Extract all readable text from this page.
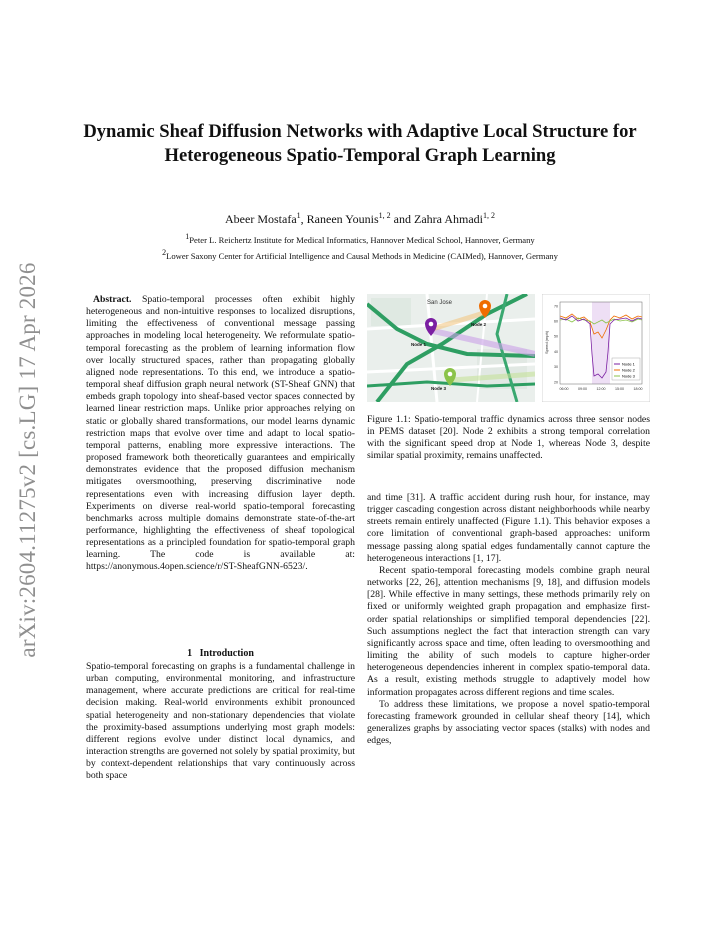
arXiv:2604.11275v2 [cs.LG] 17 Apr 2026
Dynamic Sheaf Diffusion Networks with Adaptive Local Structure for Heterogeneous Spatio-Temporal Graph Learning

Abeer Mostafa$^1$, Raneen Younis$^{1, 2}$ and Zahra Ahmadi$^{1, 2}$

$^1$Peter L. Reichertz Institute for Medical Informatics, Hannover Medical School, Hannover, Germany

$^2$Lower Saxony Center for Artificial Intelligence and Causal Methods in Medicine (CAIMed), Hannover, Germany

Abstract. Spatio-temporal processes often exhibit highly heterogeneous and non-intuitive responses to localized disruptions, limiting the effectiveness of conventional message passing approaches in modeling local heterogeneity. We reformulate spatio-temporal forecasting as the problem of learning information flow over locally structured spaces, rather than propagating globally aligned node representations. To this end, we introduce a spatio-temporal sheaf diffusion graph neural network (ST-Sheaf GNN) that embeds graph topology into sheaf-based vector spaces connected by learned linear restriction maps. Unlike prior approaches relying on static or globally shared transformations, our model learns dynamic restriction maps that evolve over time and adapt to local spatio-temporal patterns, enabling more expressive interactions. The proposed framework both theoretically guarantees and empirically demonstrates evidence that the proposed diffusion mechanism mitigates oversmoothing, preserving discriminative node representations even with increasing diffusion layer depth. Experiments on diverse real-world spatio-temporal forecasting benchmarks across multiple domains demonstrate state-of-the-art performance, highlighting the effectiveness of sheaf topological representations as a principled foundation for spatio-temporal graph learning. The code is available at: https://anonymous.4open.science/r/ST-SheafGNN-6523/.

1 Introduction

Spatio-temporal forecasting on graphs is a fundamental challenge in urban computing, environmental monitoring, and infrastructure management, where accurate predictions are critical for real-time decision making. Real-world environments exhibit pronounced spatial heterogeneity and non-stationary dependencies that violate the proximity-based assumptions underlying most graph models: different regions evolve under distinct local dynamics, and interaction strengths are governed not solely by spatial proximity, but by context-dependent relationships that vary continuously across both space

San Jose
Node 1
Node 2
Node 3
Speed (mph)
70
60
50
40
30
20
06:00	09:00	12:00	15:00	18:00
Node 1
Node 2
Node 3

Figure 1.1: Spatio-temporal traffic dynamics across three sensor nodes in PEMS dataset [20]. Node 2 exhibits a strong temporal correlation with the significant speed drop at Node 1, whereas Node 3, despite similar spatial proximity, remains unaffected.

and time [31]. A traffic accident during rush hour, for instance, may trigger cascading congestion across distant neighborhoods while nearby streets remain entirely unaffected (Figure 1.1). This behavior exposes a core limitation of conventional graph-based approaches: uniform message passing along spatial edges fundamentally cannot capture the heterogeneous interactions [1, 17].

Recent spatio-temporal forecasting models combine graph neural networks [22, 26], attention mechanisms [9, 18], and diffusion models [28]. While effective in many settings, these methods primarily rely on fixed or uniformly weighted graph propagation and emphasize first-order spatial relationships or simplified temporal dependencies [22]. Such assumptions neglect the fact that interaction strength can vary significantly across space and time, often leading to oversmoothing and limiting the ability of such models to capture higher-order heterogeneous dependencies inherent in complex spatio-temporal data. As a result, existing methods struggle to adaptively model how information propagates across different regions and time scales.

To address these limitations, we propose a novel spatio-temporal forecasting framework grounded in cellular sheaf theory [14], which generalizes graphs by associating vector spaces (stalks) with nodes and edges,
